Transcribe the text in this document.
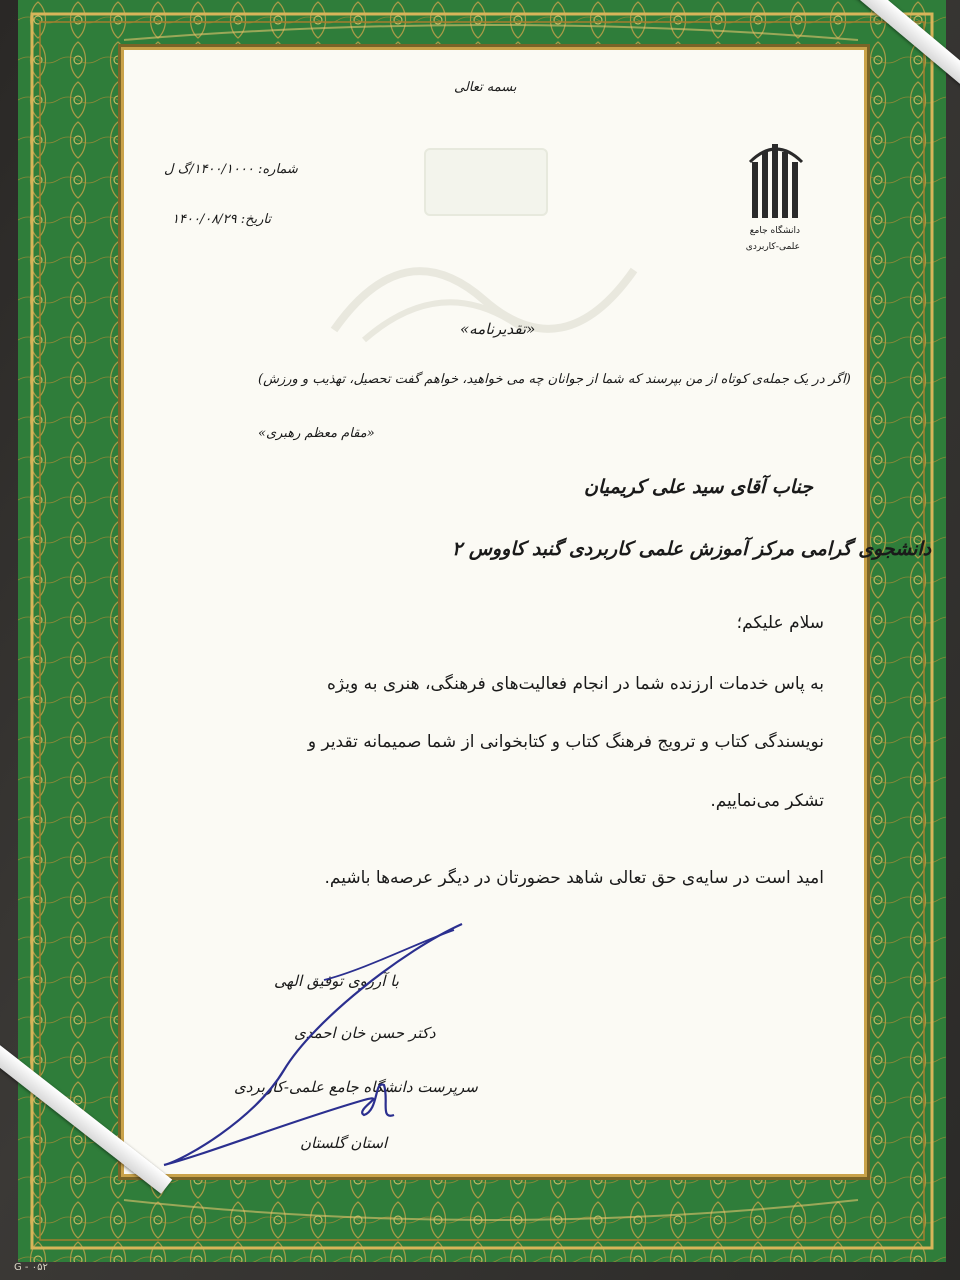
بسمه تعالی
شماره: ۱۴۰۰/۱۰۰۰/گ ل
تاریخ: ۱۴۰۰/۰۸/۲۹
دانشگاه جامع
علمی-کاربردی
«تقدیرنامه»
(اگر در یک جمله‌ی کوتاه از من بپرسند که شما از جوانان چه می خواهید، خواهم گفت تحصیل، تهذیب و ورزش)
«مقام معظم رهبری»
جناب آقای سید علی کریمیان
دانشجوی گرامی مرکز آموزش علمی کاربردی گنبد کاووس ۲
سلام علیکم؛
به پاس خدمات ارزنده شما در انجام فعالیت‌های فرهنگی، هنری به ویژه
نویسندگی کتاب و ترویج فرهنگ کتاب و کتابخوانی از شما صمیمانه تقدیر و
تشکر می‌نماییم.
امید است در سایه‌ی حق تعالی شاهد حضورتان در دیگر عرصه‌ها باشیم.
با آرزوی توفیق الهی
دکتر حسن خان احمدی
سرپرست دانشگاه جامع علمی-کاربردی
استان گلستان
G - ۰۵۲
